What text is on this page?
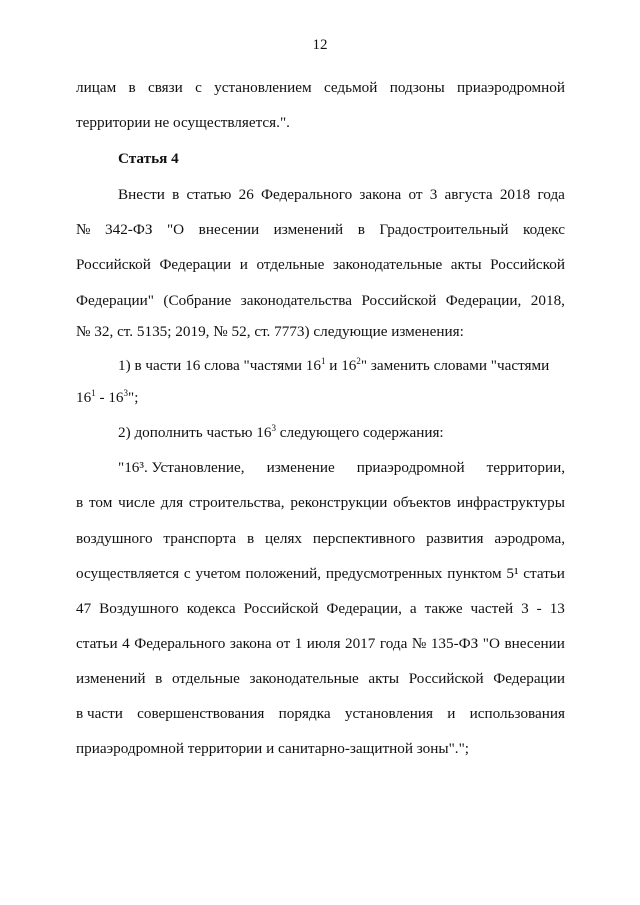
12
лицам в связи с установлением седьмой подзоны приаэродромной
территории не осуществляется.".
Статья 4
Внести в статью 26 Федерального закона от 3 августа 2018 года
№ 342-ФЗ "О внесении изменений в Градостроительный кодекс
Российской Федерации и отдельные законодательные акты Российской
Федерации" (Собрание законодательства Российской Федерации, 2018,
№ 32, ст. 5135; 2019, № 52, ст. 7773) следующие изменения:
1) в части 16 слова "частями $16^1$ и $16^2$" заменить словами "частями
$16^1 - 16^3$";
2) дополнить частью $16^3$ следующего содержания:
"16³. Установление, изменение приаэродромной территории,
в том числе для строительства, реконструкции объектов инфраструктуры
воздушного транспорта в целях перспективного развития аэродрома,
осуществляется с учетом положений, предусмотренных пунктом 5¹ статьи
47 Воздушного кодекса Российской Федерации, а также частей 3 - 13
статьи 4 Федерального закона от 1 июля 2017 года № 135-ФЗ "О внесении
изменений в отдельные законодательные акты Российской Федерации
в части совершенствования порядка установления и использования
приаэродромной территории и санитарно-защитной зоны".";
